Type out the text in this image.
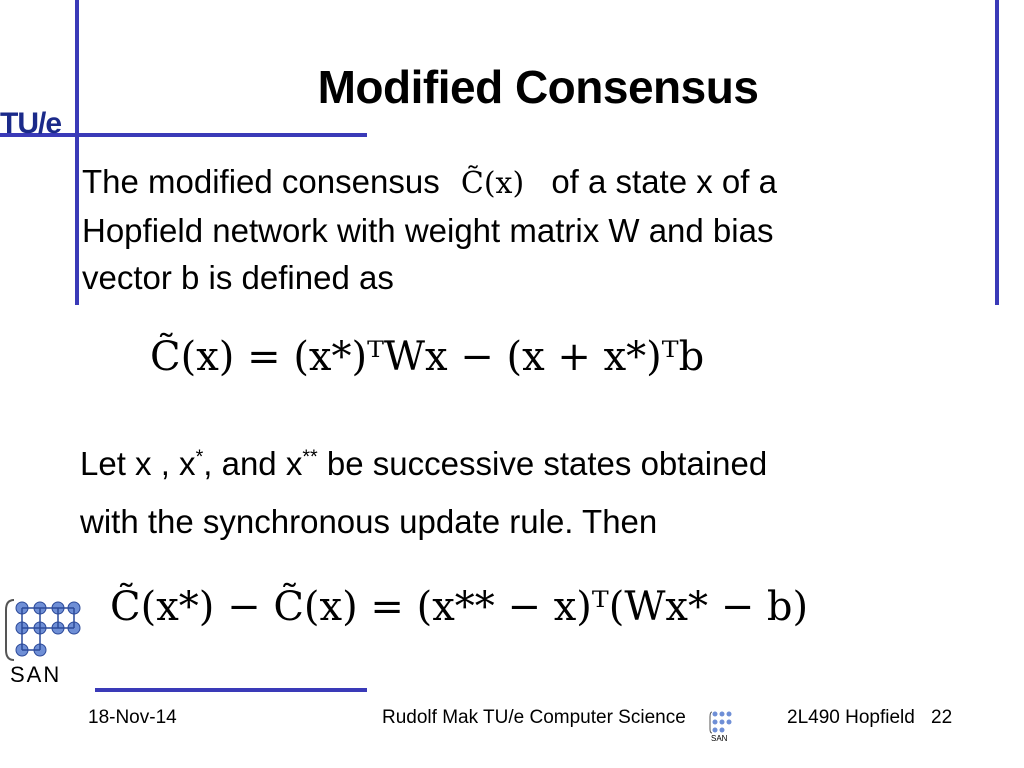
TU/e
Modified Consensus
The modified consensus C̃(x) of a state x of a
Hopfield network with weight matrix W and bias
vector b is defined as
C̃(x) = (x*)ᵀWx − (x + x*)ᵀb
Let x , x*, and x** be successive states obtained
with the synchronous update rule. Then
C̃(x*) − C̃(x) = (x** − x)ᵀ(Wx* − b)
SAN
18-Nov-14	Rudolf Mak TU/e Computer Science
SAN
2L490 Hopfield 22
